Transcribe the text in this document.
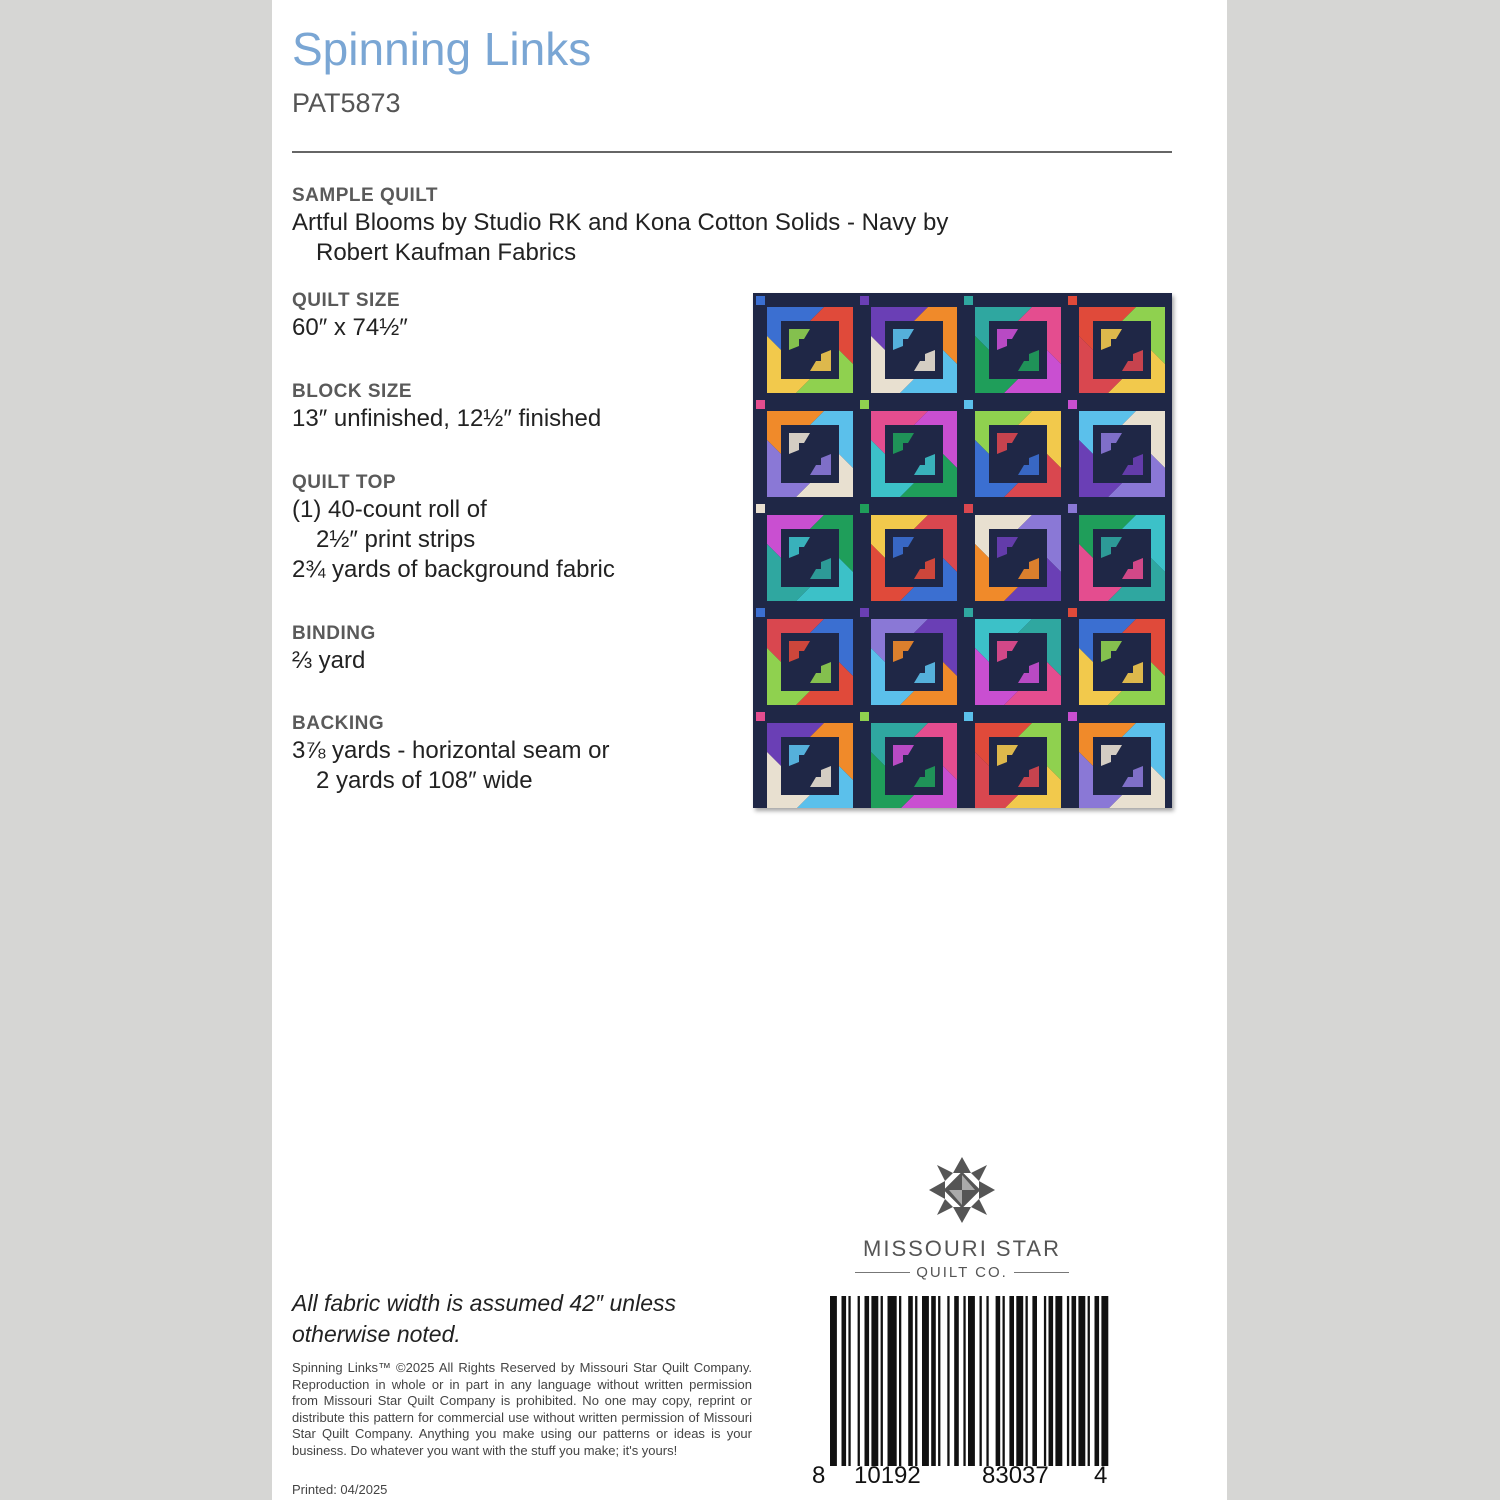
Spinning Links
PAT5873
SAMPLE QUILT
Artful Blooms by Studio RK and Kona Cotton Solids - Navy by
Robert Kaufman Fabrics
QUILT SIZE
60″ x 74½″
BLOCK SIZE
13″ unfinished, 12½″ finished
QUILT TOP
(1) 40-count roll of
2½″ print strips
2¾ yards of background fabric
BINDING
⅔ yard
BACKING
3⅞ yards - horizontal seam or
2 yards of 108″ wide
All fabric width is assumed 42″ unless otherwise noted.
Spinning Links™ ©2025 All Rights Reserved by Missouri Star Quilt Company. Reproduction in whole or in part in any language without written permission from Missouri Star Quilt Company is prohibited. No one may copy, reprint or distribute this pattern for commercial use without written permission of Missouri Star Quilt Company. Anything you make using our patterns or ideas is your business. Do whatever you want with the stuff you make; it's yours!
Printed: 04/2025
MISSOURI STAR
QUILT CO.
8 10192	83037 4
